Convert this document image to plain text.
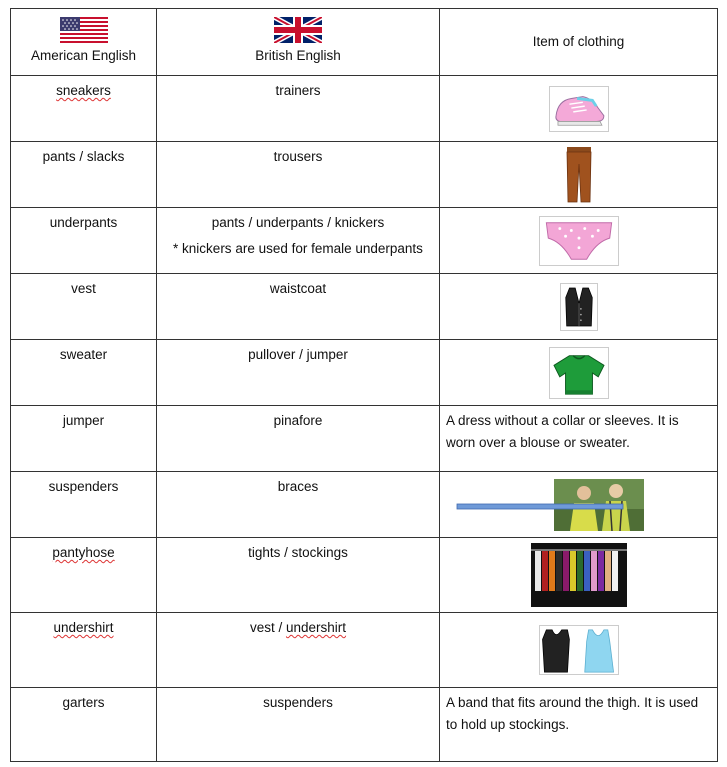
American English	British English
Item of clothing
sneakers	trainers
pants / slacks	trousers
underpants	pants / underpants / knickers
* knickers are used for female underpants
vest	waistcoat
sweater	pullover / jumper
jumper	pinafore	A dress without a collar or sleeves. It is worn over a blouse or sweater.
suspenders	braces
pantyhose	tights / stockings
undershirt	vest / undershirt
garters	suspenders	A band that fits around the thigh. It is used to hold up stockings.
